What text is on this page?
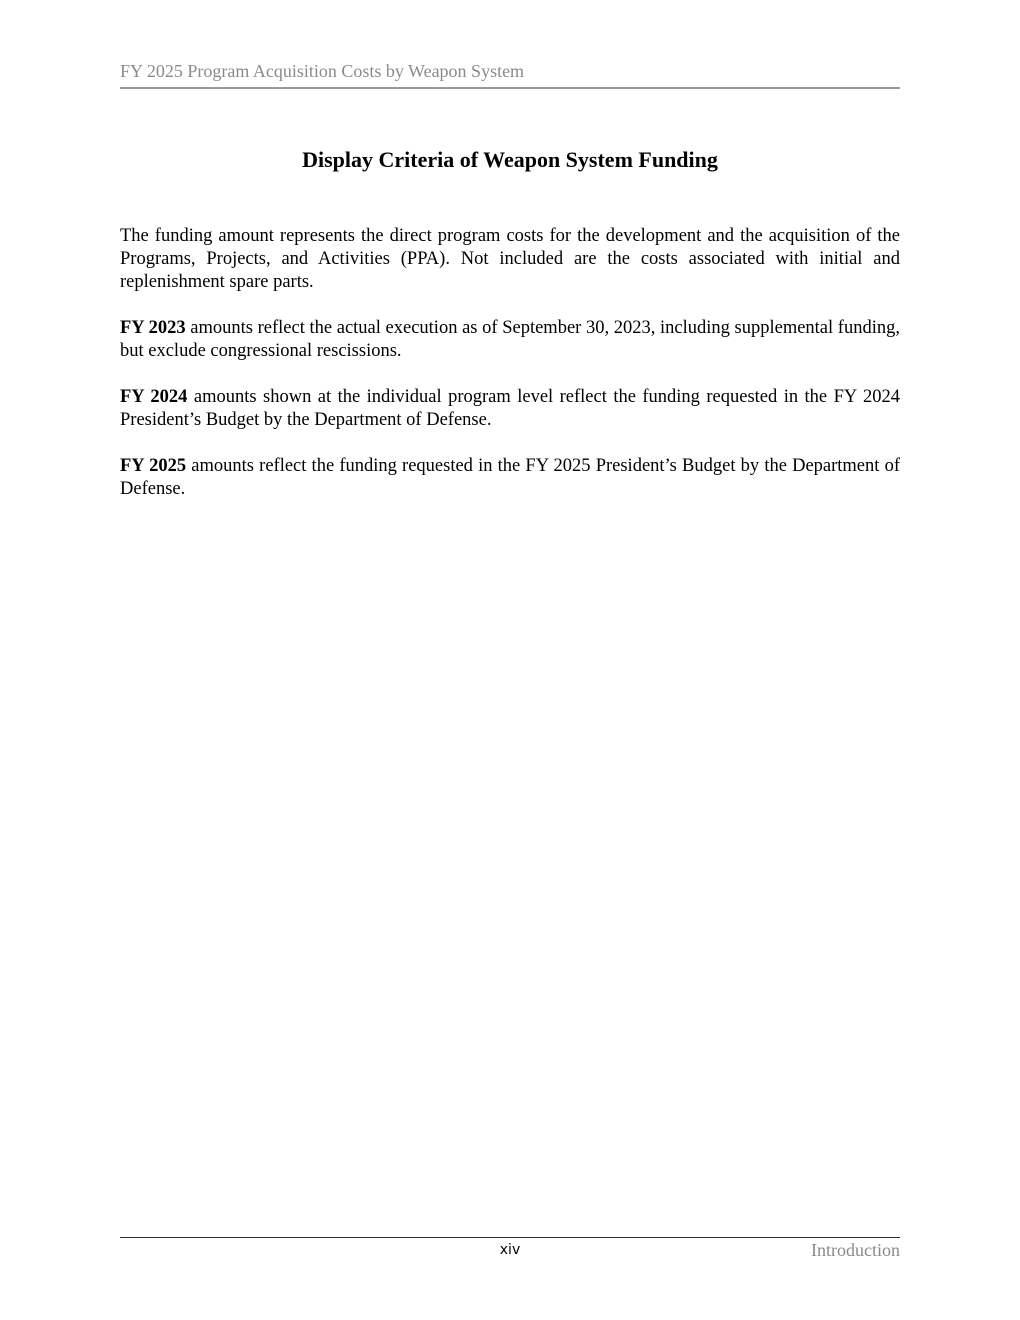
FY 2025 Program Acquisition Costs by Weapon System
Display Criteria of Weapon System Funding

The funding amount represents the direct program costs for the development and the acquisition of the Programs, Projects, and Activities (PPA). Not included are the costs associated with initial and replenishment spare parts.

FY 2023 amounts reflect the actual execution as of September 30, 2023, including supplemental funding, but exclude congressional rescissions.

FY 2024 amounts shown at the individual program level reflect the funding requested in the FY 2024 President’s Budget by the Department of Defense.

FY 2025 amounts reflect the funding requested in the FY 2025 President’s Budget by the Department of Defense.

xiv	Introduction
